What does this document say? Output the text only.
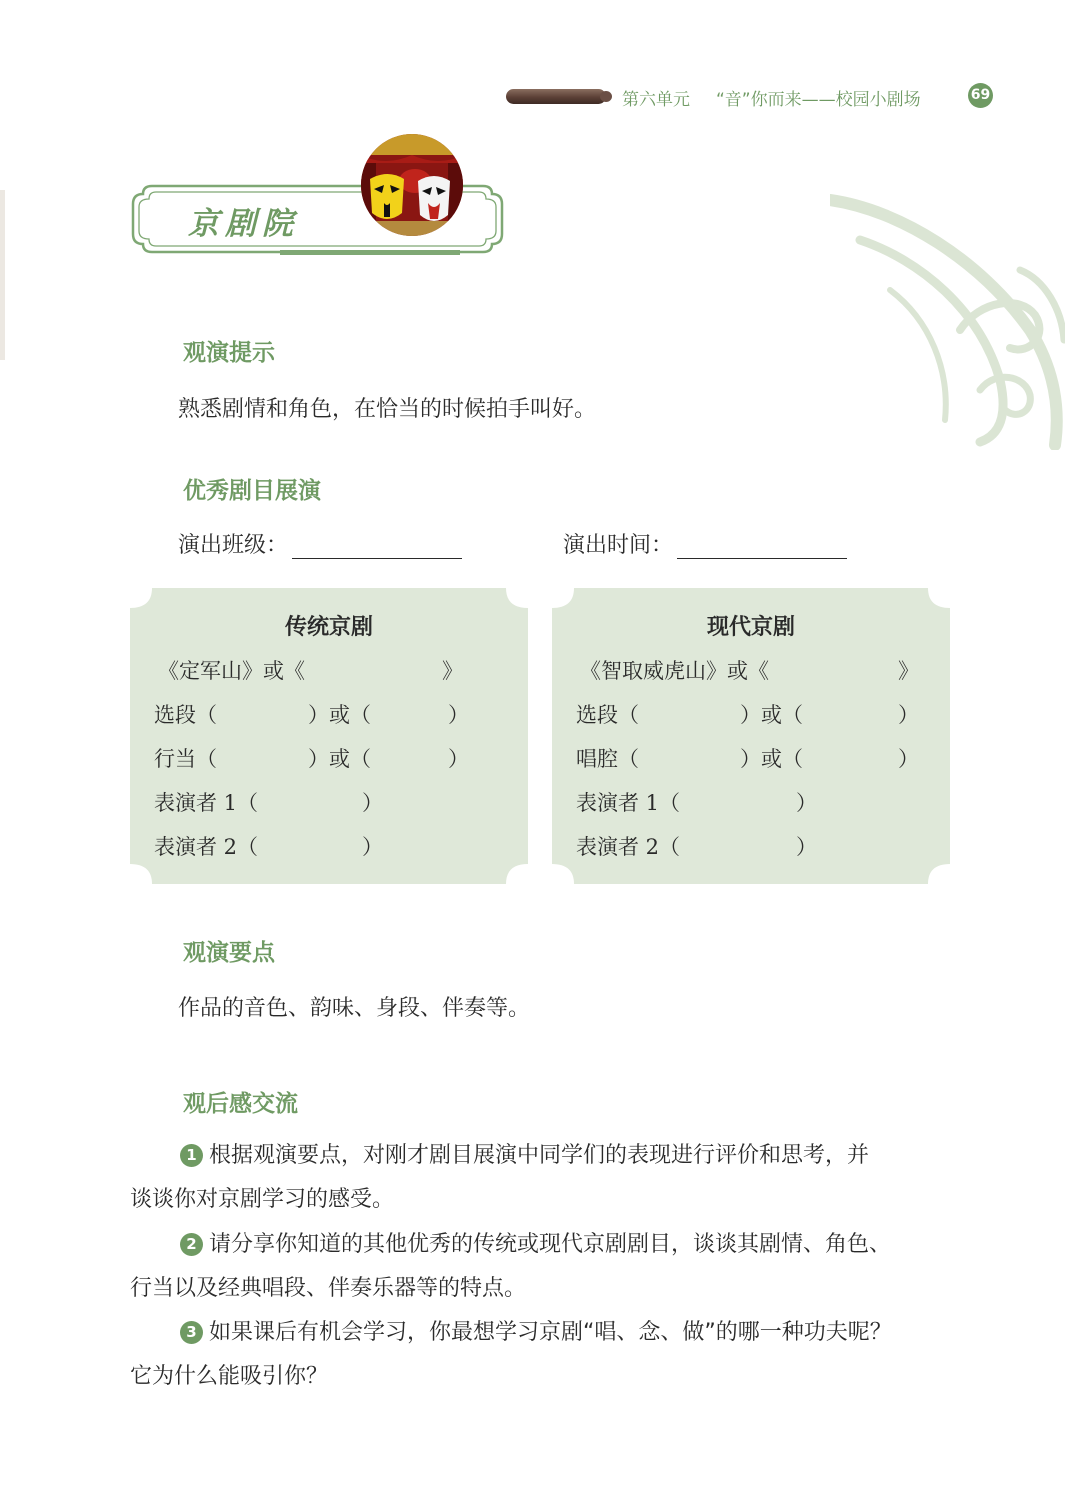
第六单元 “音”你而来——校园小剧场	69
京剧院
观演提示
熟悉剧情和角色，在恰当的时候拍手叫好。
优秀剧目展演
演出班级：	演出时间：
传统京剧
《定军山》或《	》
选段（	）或（	）
行当（	）或（	）
表演者 1（	）
表演者 2（	）
现代京剧
《智取威虎山》或《	》
选段（	）或（	）
唱腔（	）或（	）
表演者 1（	）
表演者 2（	）
观演要点
作品的音色、韵味、身段、伴奏等。
观后感交流
1 根据观演要点，对刚才剧目展演中同学们的表现进行评价和思考，并
谈谈你对京剧学习的感受。
2 请分享你知道的其他优秀的传统或现代京剧剧目，谈谈其剧情、角色、
行当以及经典唱段、伴奏乐器等的特点。
3 如果课后有机会学习，你最想学习京剧“唱、念、做”的哪一种功夫呢？
它为什么能吸引你？
